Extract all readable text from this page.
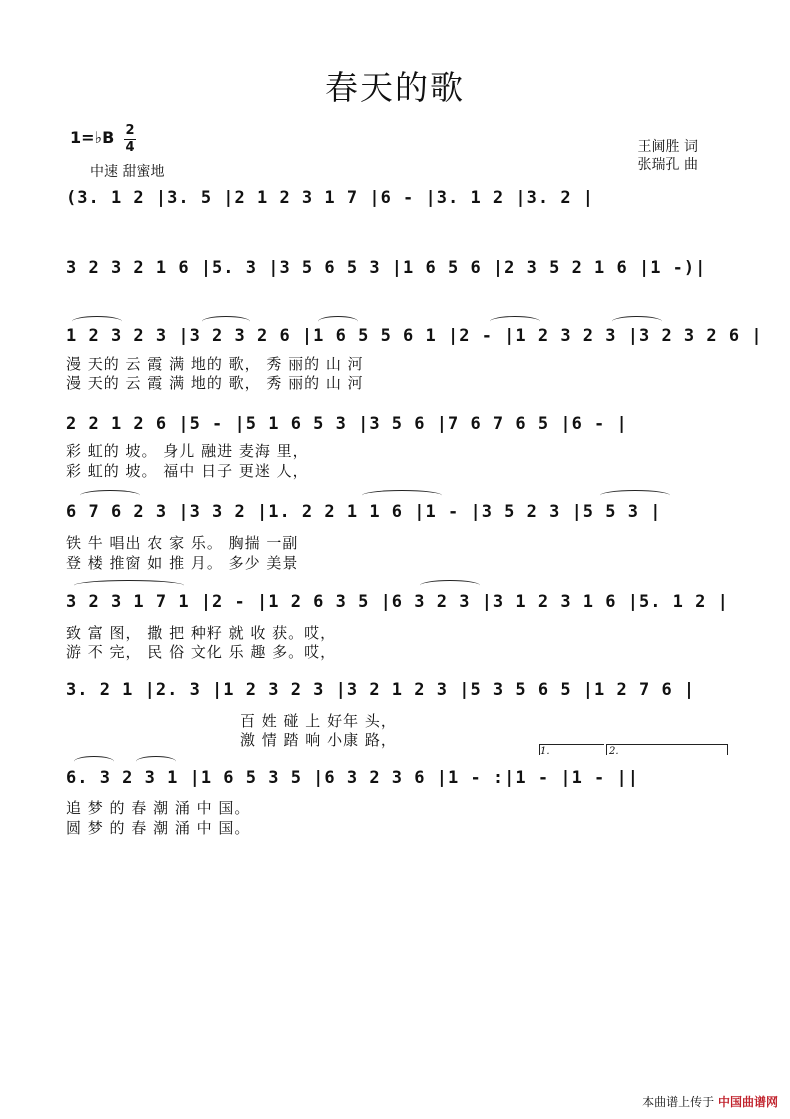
春天的歌
1=♭B 2
4
中速 甜蜜地
王阃胜 词
张瑞孔 曲
(3. 1 2 |3. 5 |2 1 2 3 1 7 |6 - |3. 1 2 |3. 2 |
3 2 3 2 1 6 |5. 3 |3 5 6 5 3 |1 6 5 6 |2 3 5 2 1 6 |1 -)|
1 2 3 2 3 |3 2 3 2 6 |1 6 5 5 6 1 |2 - |1 2 3 2 3 |3 2 3 2 6 |
漫 天的 云 霞 满 地的 歌， 秀 丽的 山 河
漫 天的 云 霞 满 地的 歌， 秀 丽的 山 河
2 2 1 2 6 |5 - |5 1 6 5 3 |3 5 6 |7 6 7 6 5 |6 - |
彩 虹的 坡。 身儿 融进 麦海 里，
彩 虹的 坡。 福中 日子 更迷 人，
6 7 6 2 3 |3 3 2 |1. 2 2 1 1 6 |1 - |3 5 2 3 |5 5 3 |
铁 牛 唱出 农 家 乐。 胸揣 一副
登 楼 推窗 如 推 月。 多少 美景
3 2 3 1 7 1 |2 - |1 2 6 3 5 |6 3 2 3 |3 1 2 3 1 6 |5. 1 2 |
致 富 图， 撒 把 种籽 就 收 获。哎，
游 不 完， 民 俗 文化 乐 趣 多。哎，
3. 2 1 |2. 3 |1 2 3 2 3 |3 2 1 2 3 |5 3 5 6 5 |1 2 7 6 |
百 姓 碰 上 好年 头，
激 情 踏 响 小康 路，
1.	2.
6. 3 2 3 1 |1 6 5 3 5 |6 3 2 3 6 |1 - :|1 - |1 - ||
追 梦 的 春 潮 涌 中 国。
圆 梦 的 春 潮 涌 中 国。
本曲谱上传于 中国曲谱网
